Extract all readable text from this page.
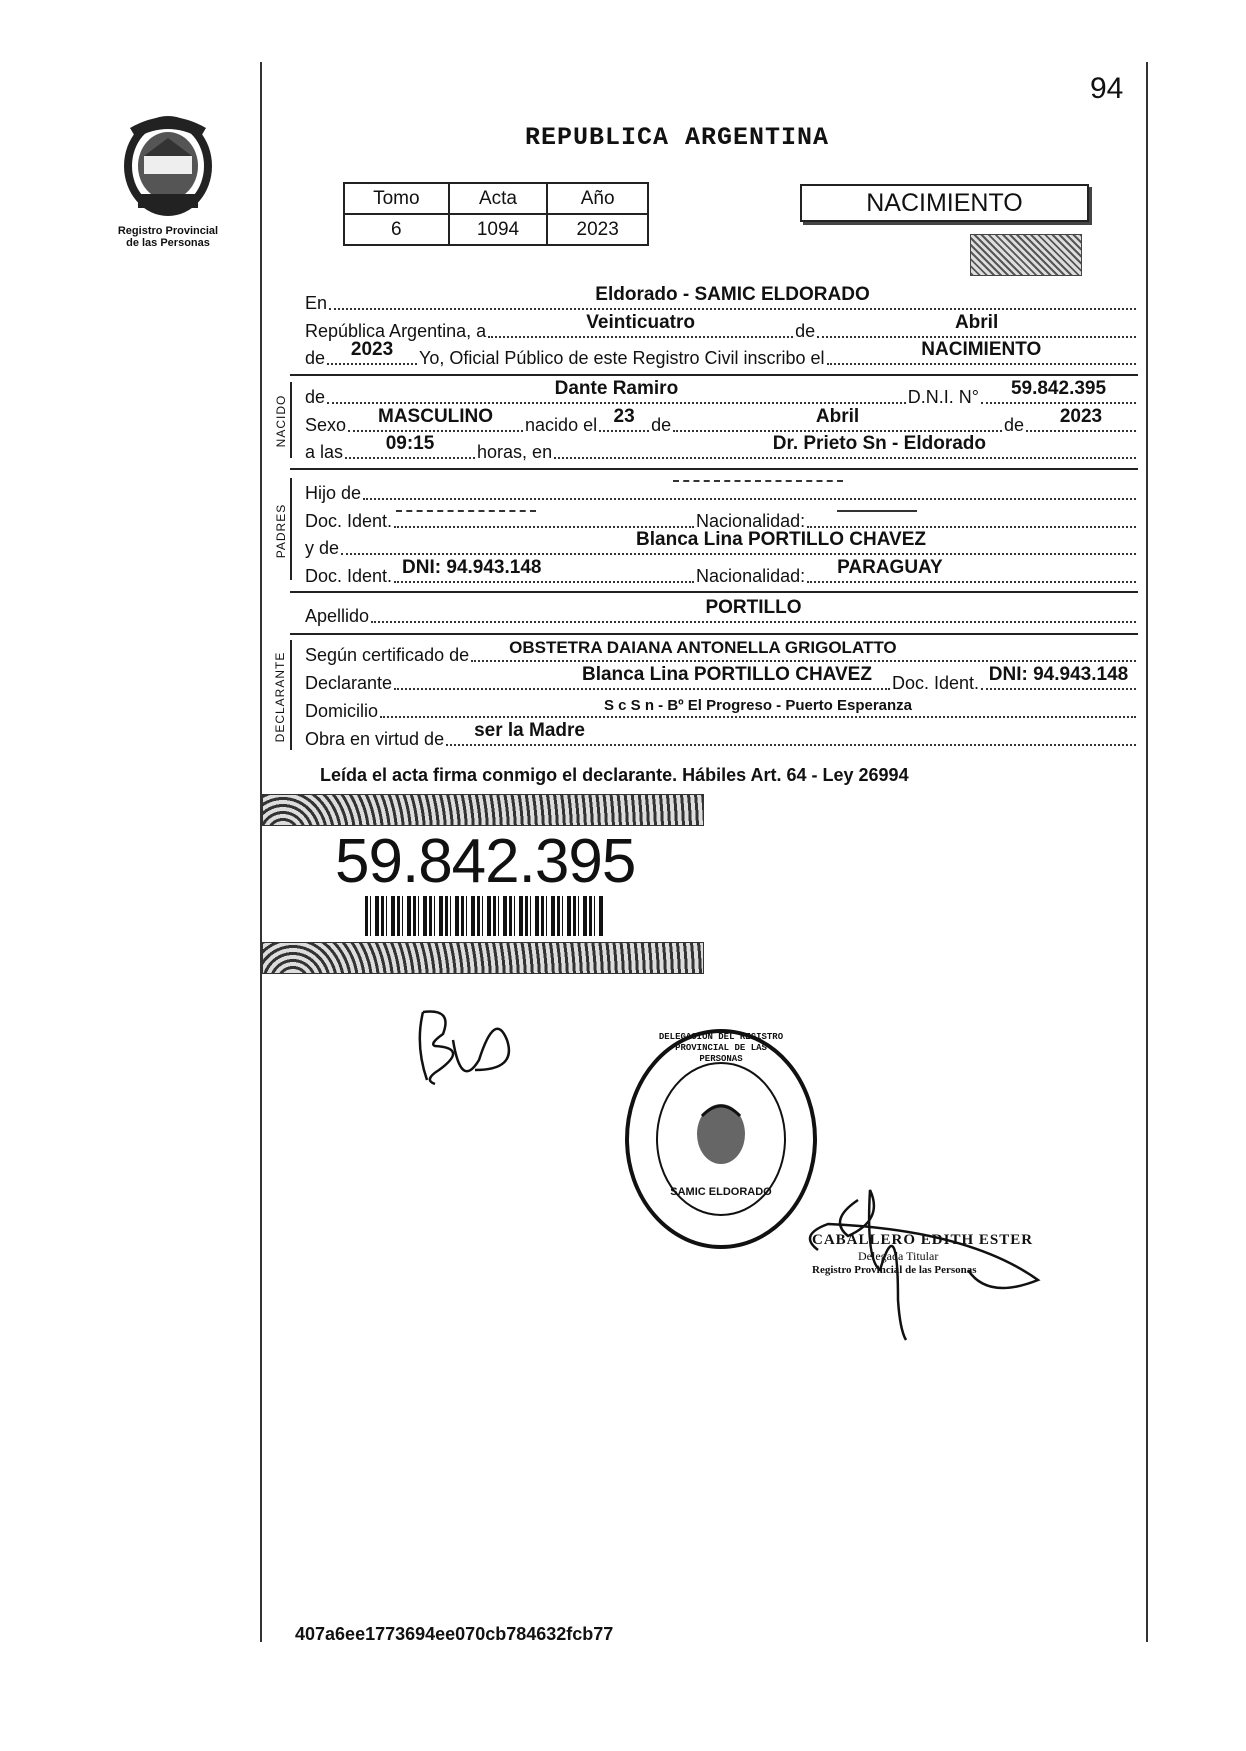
94
Registro Provincial
de las Personas
REPUBLICA ARGENTINA
Tomo	Acta	Año
6	1094	2023
NACIMIENTO
En	Eldorado - SAMIC ELDORADO
República Argentina, a	Veinticuatro	de	Abril
de	2023	Yo, Oficial Público de este Registro Civil inscribo el	NACIMIENTO
NACIDO de	Dante Ramiro	D.N.I. N°	59.842.395
Sexo	MASCULINO	nacido el 23 de	Abril	de	2023
a las	09:15	horas, en	Dr. Prieto Sn - Eldorado
PADRES
Hijo de
Doc. Ident.	Nacionalidad:
y de	Blanca Lina PORTILLO CHAVEZ
Doc. Ident. DNI: 94.943.148	Nacionalidad:	PARAGUAY
Apellido	PORTILLO
DECLARANTE Según certificado de	OBSTETRA DAIANA ANTONELLA GRIGOLATTO
Declarante	Blanca Lina PORTILLO CHAVEZ	Doc. Ident. DNI: 94.943.148
Domicilio	S c S n - Bº El Progreso - Puerto Esperanza
Obra en virtud de	ser la Madre
Leída el acta firma conmigo el declarante. Hábiles Art. 64 - Ley 26994
59.842.395
DELEGACION DEL REGISTRO PROVINCIAL DE LAS PERSONAS
SAMIC ELDORADO
CABALLERO EDITH ESTER
Delegada Titular
Registro Provincial de las Personas
407a6ee1773694ee070cb784632fcb77
